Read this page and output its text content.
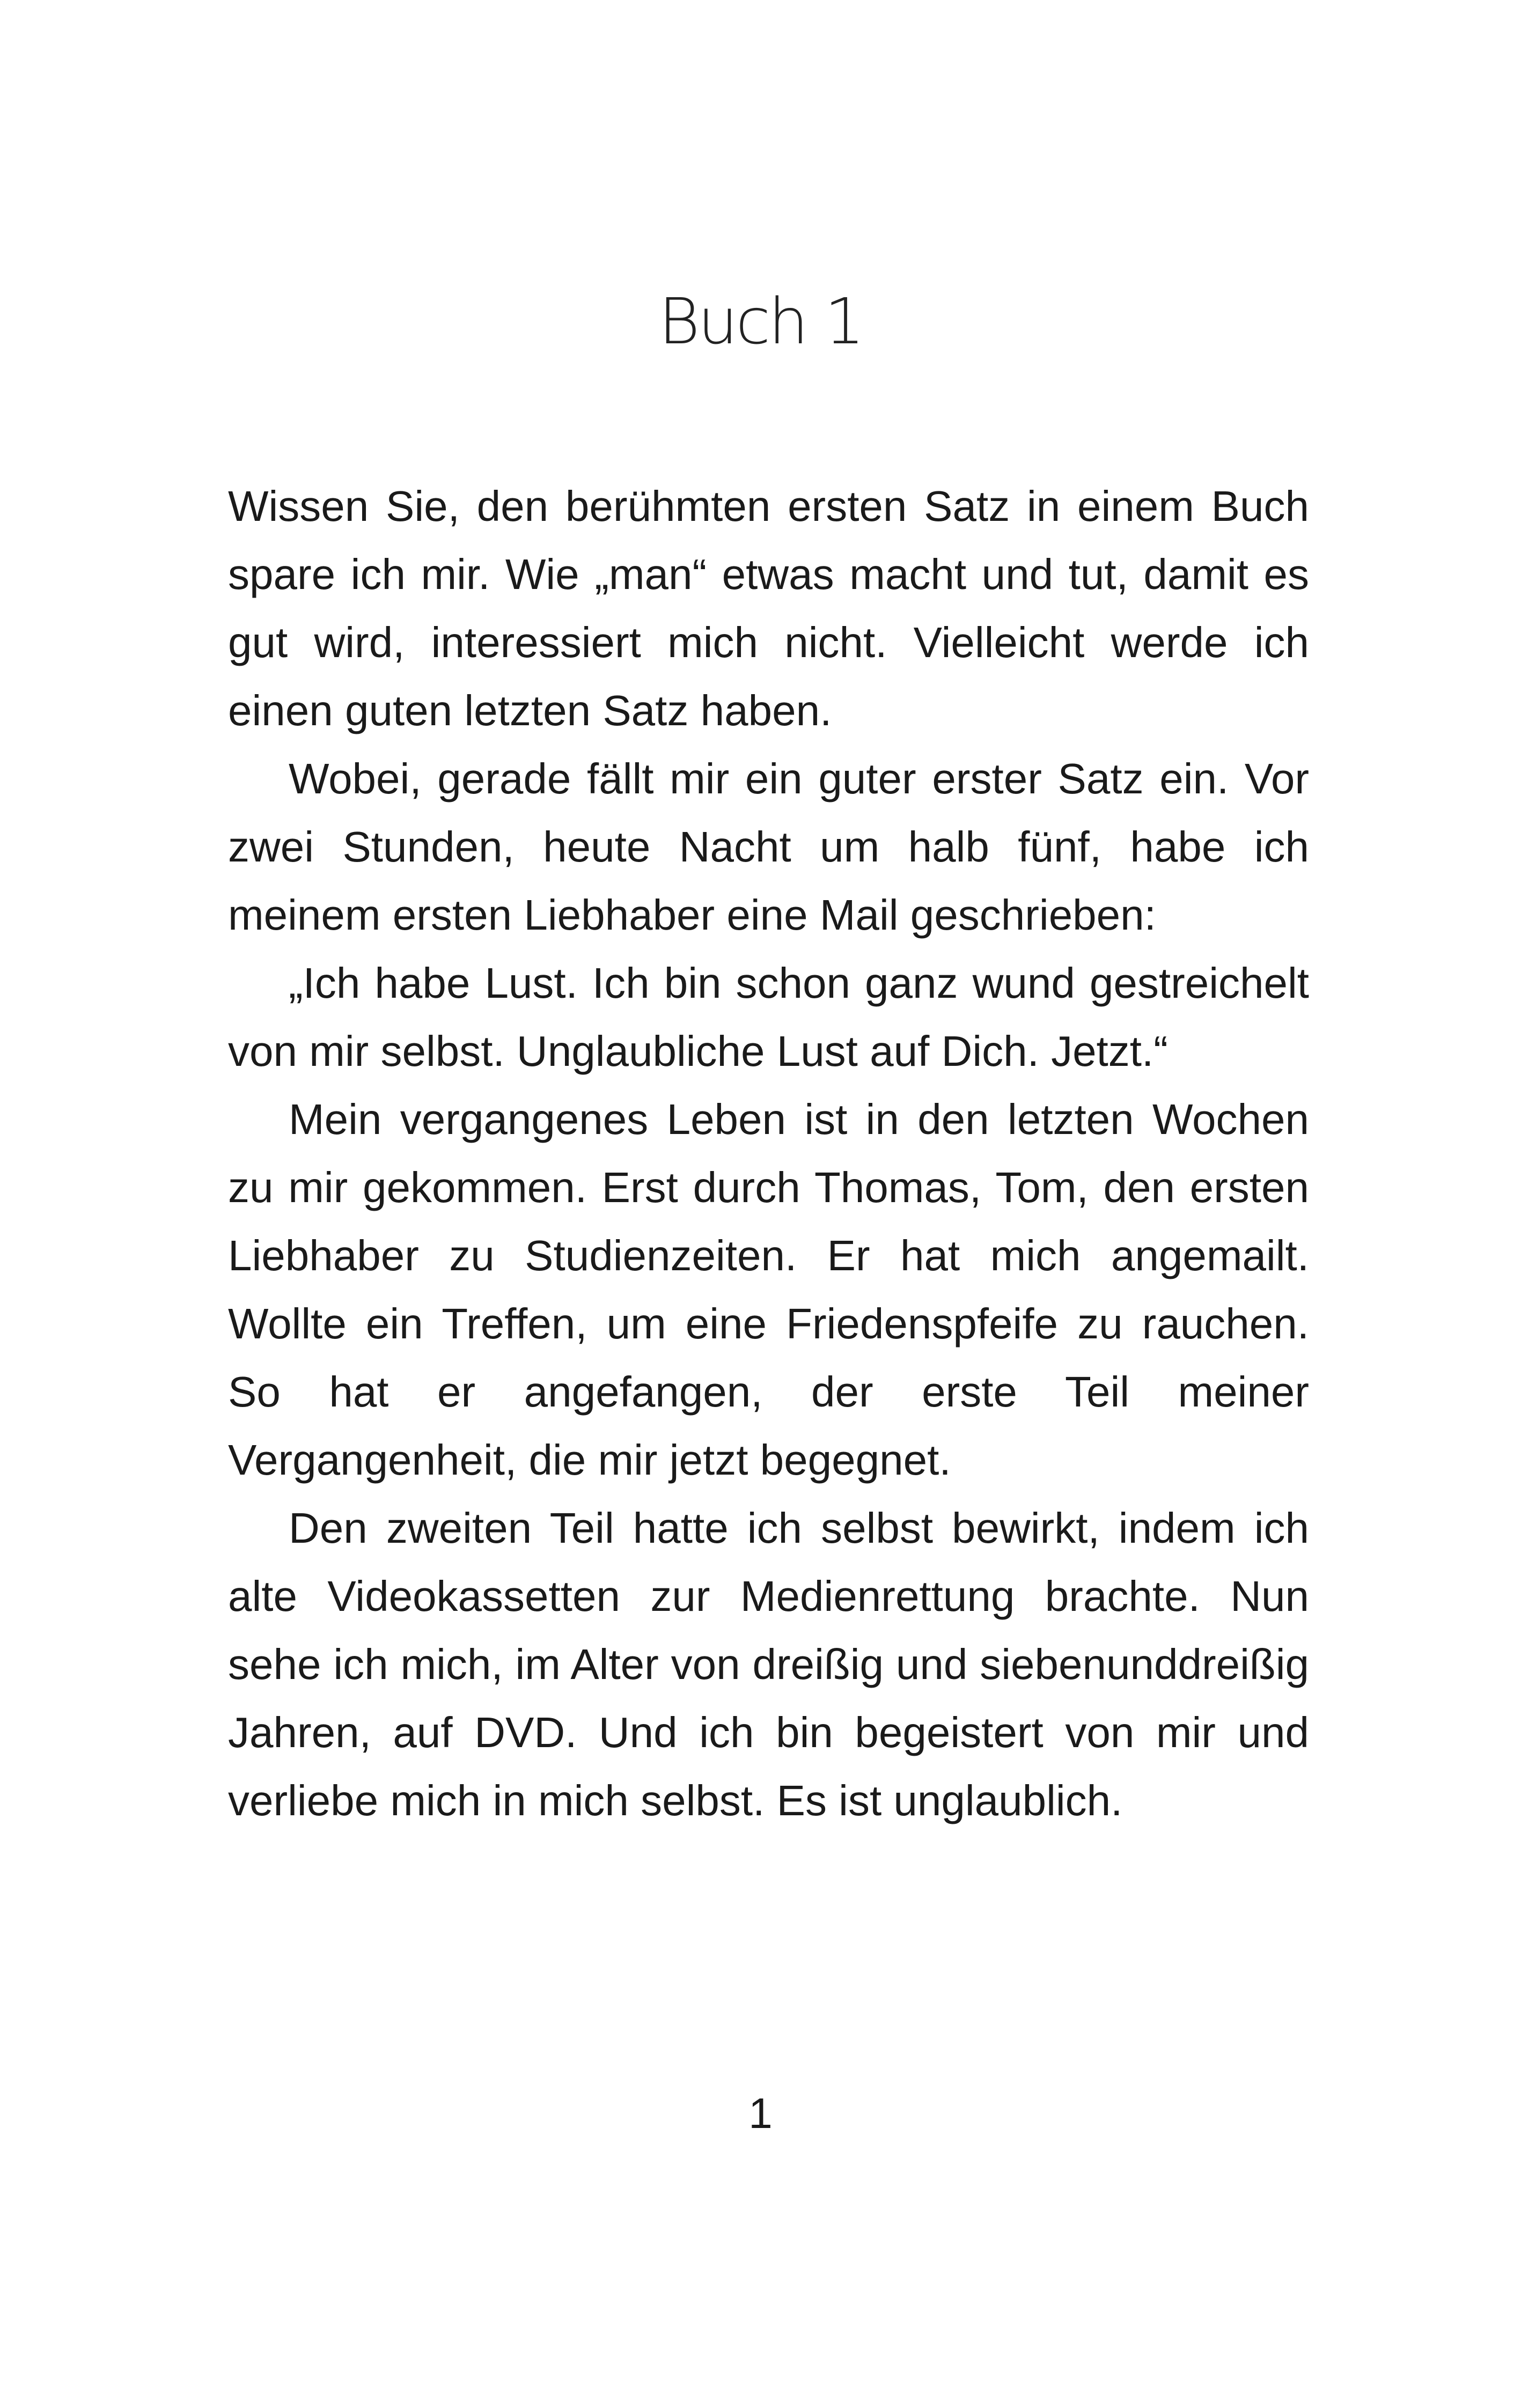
Buch 1

Wissen Sie, den berühmten ersten Satz in einem Buch spare ich mir. Wie „man“ etwas macht und tut, damit es gut wird, interessiert mich nicht. Vielleicht werde ich einen guten letzten Satz haben.

Wobei, gerade fällt mir ein guter erster Satz ein. Vor zwei Stunden, heute Nacht um halb fünf, habe ich meinem ersten Liebhaber eine Mail geschrieben:

„Ich habe Lust. Ich bin schon ganz wund gestreichelt von mir selbst. Unglaubliche Lust auf Dich. Jetzt.“

Mein vergangenes Leben ist in den letzten Wochen zu mir gekommen. Erst durch Thomas, Tom, den ersten Liebhaber zu Studienzeiten. Er hat mich angemailt. Wollte ein Treffen, um eine Friedenspfeife zu rauchen. So hat er angefangen, der erste Teil meiner Vergangenheit, die mir jetzt begegnet.

Den zweiten Teil hatte ich selbst bewirkt, indem ich alte Videokassetten zur Medienrettung brachte. Nun sehe ich mich, im Alter von dreißig und siebenunddreißig Jahren, auf DVD. Und ich bin begeistert von mir und verliebe mich in mich selbst. Es ist unglaublich.

1
